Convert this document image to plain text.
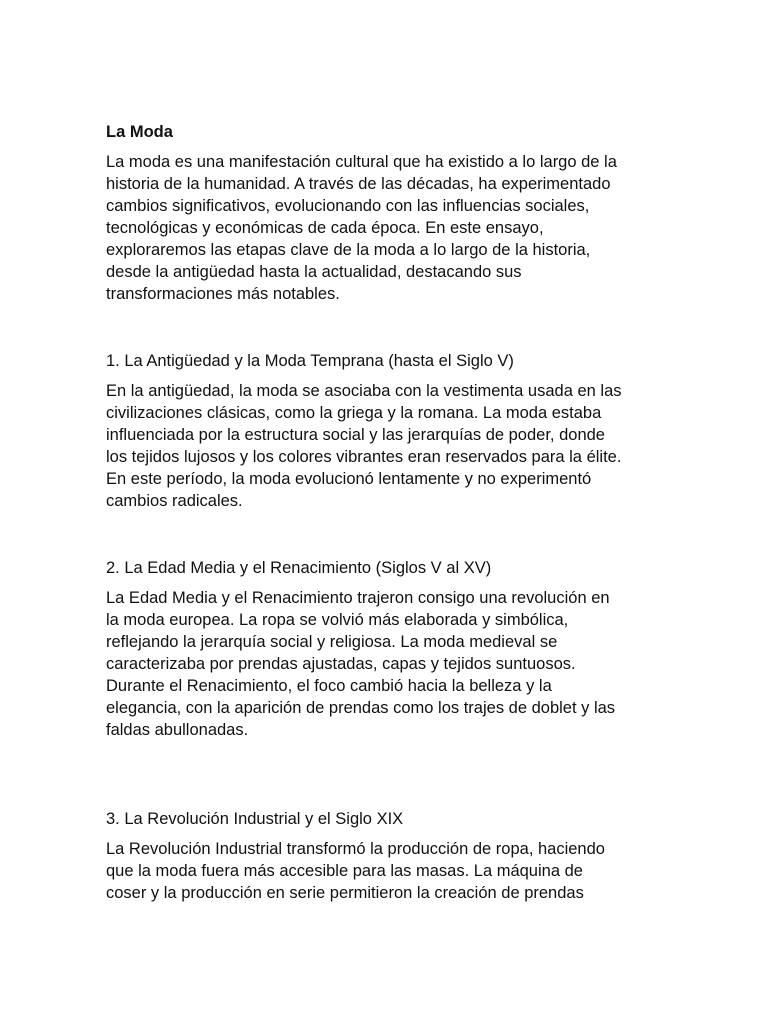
La Moda
La moda es una manifestación cultural que ha existido a lo largo de la
historia de la humanidad. A través de las décadas, ha experimentado
cambios significativos, evolucionando con las influencias sociales,
tecnológicas y económicas de cada época. En este ensayo,
exploraremos las etapas clave de la moda a lo largo de la historia,
desde la antigüedad hasta la actualidad, destacando sus
transformaciones más notables.
1. La Antigüedad y la Moda Temprana (hasta el Siglo V)
En la antigüedad, la moda se asociaba con la vestimenta usada en las
civilizaciones clásicas, como la griega y la romana. La moda estaba
influenciada por la estructura social y las jerarquías de poder, donde
los tejidos lujosos y los colores vibrantes eran reservados para la élite.
En este período, la moda evolucionó lentamente y no experimentó
cambios radicales.
2. La Edad Media y el Renacimiento (Siglos V al XV)
La Edad Media y el Renacimiento trajeron consigo una revolución en
la moda europea. La ropa se volvió más elaborada y simbólica,
reflejando la jerarquía social y religiosa. La moda medieval se
caracterizaba por prendas ajustadas, capas y tejidos suntuosos.
Durante el Renacimiento, el foco cambió hacia la belleza y la
elegancia, con la aparición de prendas como los trajes de doblet y las
faldas abullonadas.
3. La Revolución Industrial y el Siglo XIX
La Revolución Industrial transformó la producción de ropa, haciendo
que la moda fuera más accesible para las masas. La máquina de
coser y la producción en serie permitieron la creación de prendas
